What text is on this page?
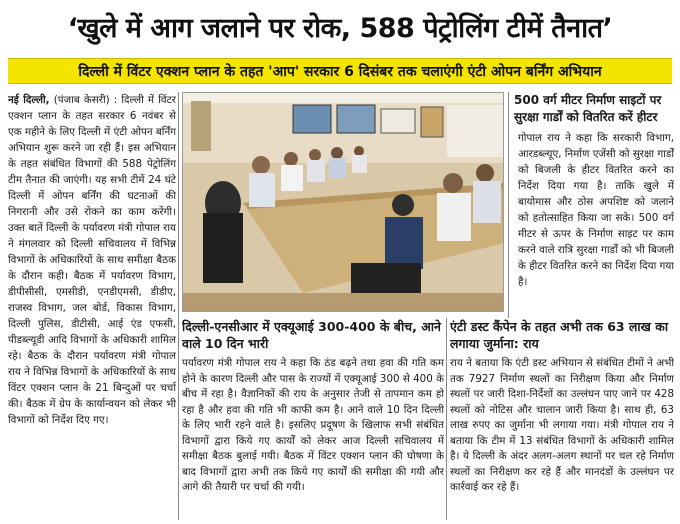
‘खुले में आग जलाने पर रोक, 588 पेट्रोलिंग टीमें तैनात’
दिल्ली में विंटर एक्शन प्लान के तहत 'आप' सरकार 6 दिसंबर तक चलाएंगी एंटी ओपन बर्निंग अभियान
नई दिल्ली, (पंजाब केसरी) : दिल्ली में विंटर एक्शन प्लान के तहत सरकार 6 नवंबर से एक महीने के लिए दिल्ली में एंटी ओपन बर्निंग अभियान शुरू करने जा रही हैं। इस अभियान के तहत संबंधित विभागों की 588 पेट्रोलिंग टीम तैनात की जाएंगी। यह सभी टीमें 24 घंटे दिल्ली में ओपन बर्निंग की घटनाओं की निगरानी और उसे रोकने का काम करेंगी। उक्त बातें दिल्ली के पर्यावरण मंत्री गोपाल राय ने मंगलवार को दिल्ली सचिवालय में विभिन्न विभागों के अधिकारियों के साथ समीक्षा बैठक के दौरान कही। बैठक में पर्यावरण विभाग, डीपीसीसी, एमसीडी, एनडीएमसी, डीडीए, राजस्व विभाग, जल बोर्ड, विकास विभाग, दिल्ली पुलिस, डीटीसी, आई एंड एफसी, पीडब्ल्यूडी आदि विभागों के अधिकारी शामिल रहे। बैठक के दौरान पर्यावरण मंत्री गोपाल राय ने विभिन्न विभागों के अधिकारियों के साथ विंटर एक्शन प्लान के 21 बिन्दुओं पर चर्चा की। बैठक में ग्रेप के कार्यान्वयन को लेकर भी विभागों को निर्देश दिए गए।
500 वर्ग मीटर निर्माण साइटों पर सुरक्षा गार्डों को वितरित करें हीटर
गोपाल राय ने कहा कि सरकारी विभाग, आरडब्ल्यूए, निर्माण एजेंसी को सुरक्षा गार्डों को बिजली के हीटर वितरित करने का निर्देश दिया गया है। ताकि खुले में बायोमास और ठोस अपशिष्ट को जलाने को हतोत्साहित किया जा सके। 500 वर्ग मीटर से ऊपर के निर्माण साइट पर काम करने वाले रात्रि सुरक्षा गार्डों को भी बिजली के हीटर वितरित करने का निर्देश दिया गया है।
दिल्ली-एनसीआर में एक्यूआई 300-400 के बीच, आने वाले 10 दिन भारी
पर्यावरण मंत्री गोपाल राय ने कहा कि ठंड बढ़ने तथा हवा की गति कम होने के कारण दिल्ली और पास के राज्यों में एक्यूआई 300 से 400 के बीच में रहा है। वैज्ञानिकों की राय के अनुसार तेजी से तापमान कम हो रहा है और हवा की गति भी काफी कम है। आने वाले 10 दिन दिल्ली के लिए भारी रहने वाले है। इसलिए प्रदूषण के खिलाफ सभी संबंधित विभागों द्वारा किये गए कार्यों को लेकर आज दिल्ली सचिवालय में समीक्षा बैठक बुलाई गयी। बैठक में विंटर एक्शन प्लान की घोषणा के बाद विभागों द्वारा अभी तक किये गए कार्यों की समीक्षा की गयी और आगे की तैयारी पर चर्चा की गयी।
एंटी डस्ट कैंपेन के तहत अभी तक 63 लाख का लगाया जुर्माना: राय
राय ने बताया कि एंटी डस्ट अभियान से संबंधित टीमों ने अभी तक 7927 निर्माण स्थलों का निरीक्षण किया और निर्माण स्थलों पर जारी दिशा-निर्देशों का उल्लंघन पाए जाने पर 428 स्थलों को नोटिस और चालान जारी किया है। साथ ही, 63 लाख रुपए का जुर्माना भी लगाया गया। मंत्री गोपाल राय ने बताया कि टीम में 13 संबंधित विभागों के अधिकारी शामिल है। ये दिल्ली के अंदर अलग-अलग स्थानों पर चल रहे निर्माण स्थलों का निरीक्षण कर रहे हैं और मानदंडों के उल्लंघन पर कार्रवाई कर रहे हैं।
